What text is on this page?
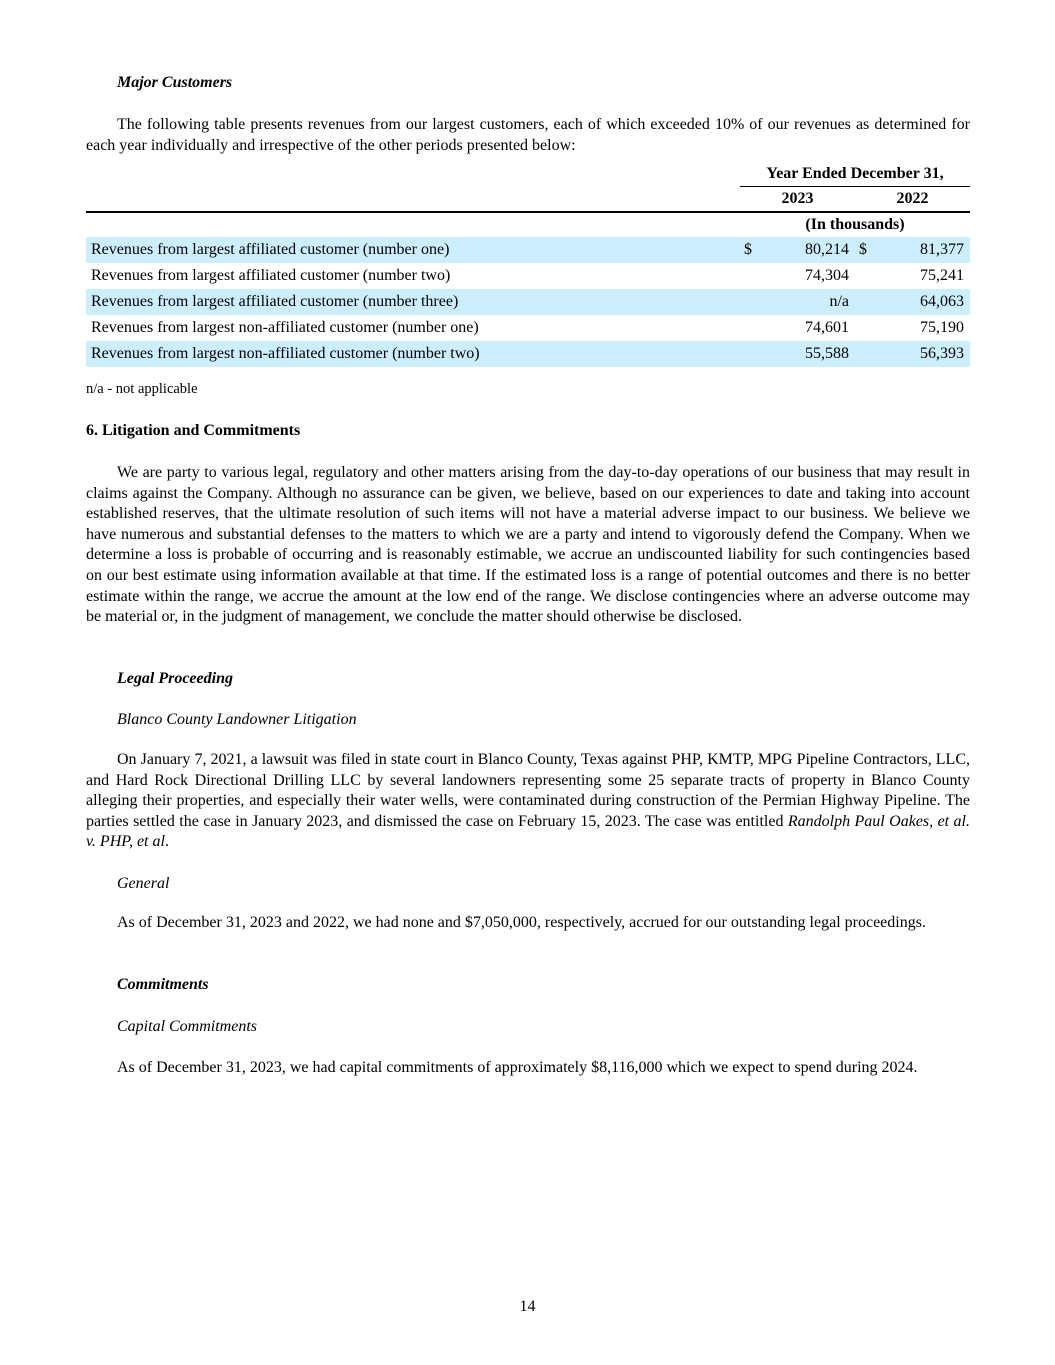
Major Customers
The following table presents revenues from our largest customers, each of which exceeded 10% of our revenues as determined for each year individually and irrespective of the other periods presented below:
	Year Ended December 31,			
	2023		2022	
	(In thousands)			
Revenues from largest affiliated customer (number one)	$	80,214	$	81,377
Revenues from largest affiliated customer (number two)		74,304		75,241
Revenues from largest affiliated customer (number three)		n/a		64,063
Revenues from largest non-affiliated customer (number one)		74,601		75,190
Revenues from largest non-affiliated customer (number two)		55,588		56,393
n/a - not applicable
6. Litigation and Commitments
We are party to various legal, regulatory and other matters arising from the day-to-day operations of our business that may result in claims against the Company. Although no assurance can be given, we believe, based on our experiences to date and taking into account established reserves, that the ultimate resolution of such items will not have a material adverse impact to our business. We believe we have numerous and substantial defenses to the matters to which we are a party and intend to vigorously defend the Company. When we determine a loss is probable of occurring and is reasonably estimable, we accrue an undiscounted liability for such contingencies based on our best estimate using information available at that time. If the estimated loss is a range of potential outcomes and there is no better estimate within the range, we accrue the amount at the low end of the range. We disclose contingencies where an adverse outcome may be material or, in the judgment of management, we conclude the matter should otherwise be disclosed.
Legal Proceeding
Blanco County Landowner Litigation
On January 7, 2021, a lawsuit was filed in state court in Blanco County, Texas against PHP, KMTP, MPG Pipeline Contractors, LLC, and Hard Rock Directional Drilling LLC by several landowners representing some 25 separate tracts of property in Blanco County alleging their properties, and especially their water wells, were contaminated during construction of the Permian Highway Pipeline. The parties settled the case in January 2023, and dismissed the case on February 15, 2023. The case was entitled Randolph Paul Oakes, et al. v. PHP, et al.
General
As of December 31, 2023 and 2022, we had none and $7,050,000, respectively, accrued for our outstanding legal proceedings.
Commitments
Capital Commitments
As of December 31, 2023, we had capital commitments of approximately $8,116,000 which we expect to spend during 2024.
14
